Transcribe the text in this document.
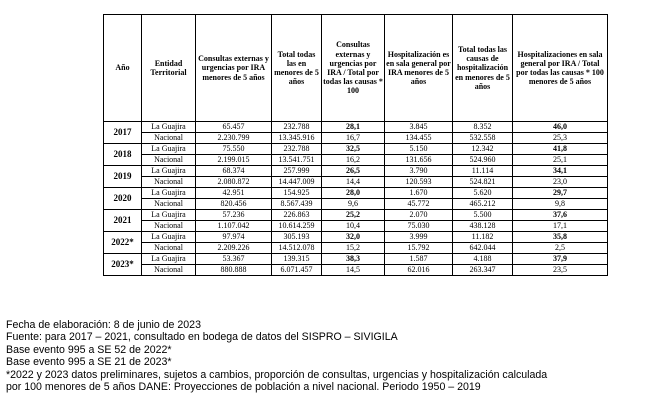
Año	Entidad Territorial	Consultas externas y urgencias por IRA menores de 5 años	Total todas las en menores de 5 años	Consultas externas y urgencias por IRA / Total por todas las causas * 100	Hospitalización es en sala general por IRA menores de 5 años	Total todas las causas de hospitalización en menores de 5 años	Hospitalizaciones en sala general por IRA / Total por todas las causas * 100 menores de 5 años
2017	La Guajira	65.457	232.788	28,1	3.845	8.352	46,0
	Nacional	2.230.799	13.345.916	16,7	134.455	532.558	25,3
2018	La Guajira	75.550	232.788	32,5	5.150	12.342	41,8
	Nacional	2.199.015	13.541.751	16,2	131.656	524.960	25,1
2019	La Guajira	68.374	257.999	26,5	3.790	11.114	34,1
	Nacional	2.080.872	14.447.009	14,4	120.593	524.821	23,0
2020	La Guajira	42.951	154.925	28,0	1.670	5.620	29,7
	Nacional	820.456	8.567.439	9,6	45.772	465.212	9,8
2021	La Guajira	57.236	226.863	25,2	2.070	5.500	37,6
	Nacional	1.107.042	10.614.259	10,4	75.030	438.128	17,1
2022*	La Guajira	97.974	305.193	32,0	3.999	11.182	35,8
	Nacional	2.209.226	14.512.078	15,2	15.792	642.044	2,5
2023*	La Guajira	53.367	139.315	38,3	1.587	4.188	37,9
	Nacional	880.888	6.071.457	14,5	62.016	263.347	23,5
Fecha de elaboración: 8 de junio de 2023
Fuente: para 2017 – 2021, consultado en bodega de datos del SISPRO – SIVIGILA
Base evento 995 a SE 52 de 2022*
Base evento 995 a SE 21 de 2023*
*2022 y 2023 datos preliminares, sujetos a cambios, proporción de consultas, urgencias y hospitalización calculada
por 100 menores de 5 años DANE: Proyecciones de población a nivel nacional. Periodo 1950 – 2019
